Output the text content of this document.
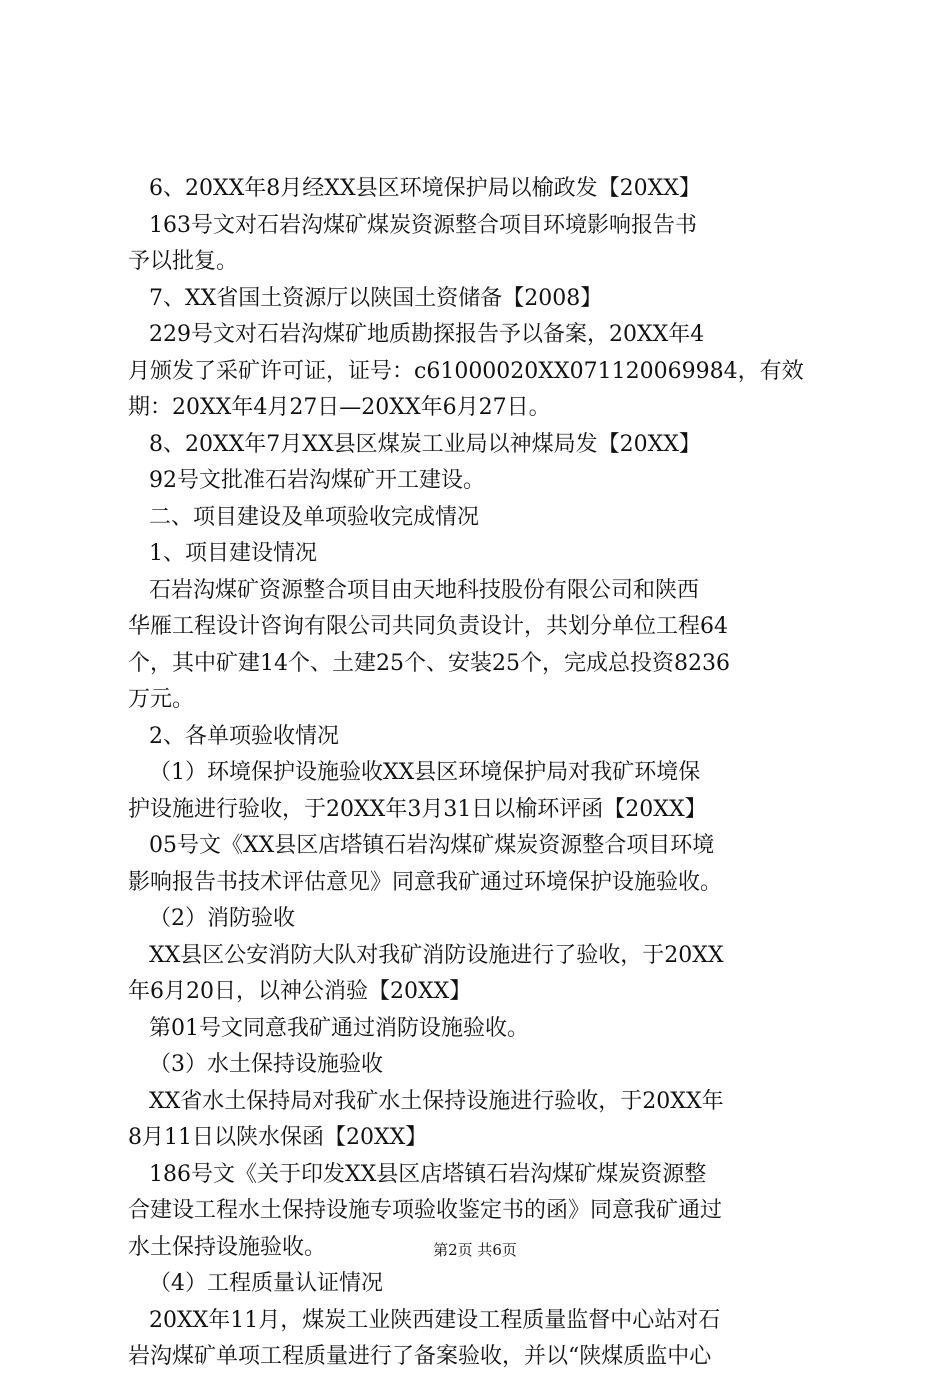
6、20XX年8月经XX县区环境保护局以榆政发【20XX】
163号文对石岩沟煤矿煤炭资源整合项目环境影响报告书
予以批复。
7、XX省国土资源厅以陕国土资储备【2008】
229号文对石岩沟煤矿地质勘探报告予以备案，20XX年4
月颁发了采矿许可证，证号：c61000020XX071120069984，有效
期：20XX年4月27日—20XX年6月27日。
8、20XX年7月XX县区煤炭工业局以神煤局发【20XX】
92号文批准石岩沟煤矿开工建设。
二、项目建设及单项验收完成情况
1、项目建设情况
石岩沟煤矿资源整合项目由天地科技股份有限公司和陕西
华雁工程设计咨询有限公司共同负责设计，共划分单位工程64
个，其中矿建14个、土建25个、安装25个，完成总投资8236
万元。
2、各单项验收情况
（1）环境保护设施验收XX县区环境保护局对我矿环境保
护设施进行验收，于20XX年3月31日以榆环评函【20XX】
05号文《XX县区店塔镇石岩沟煤矿煤炭资源整合项目环境
影响报告书技术评估意见》同意我矿通过环境保护设施验收。
（2）消防验收
XX县区公安消防大队对我矿消防设施进行了验收，于20XX
年6月20日，以神公消验【20XX】
第01号文同意我矿通过消防设施验收。
（3）水土保持设施验收
XX省水土保持局对我矿水土保持设施进行验收，于20XX年
8月11日以陕水保函【20XX】
186号文《关于印发XX县区店塔镇石岩沟煤矿煤炭资源整
合建设工程水土保持设施专项验收鉴定书的函》同意我矿通过
水土保持设施验收。
（4）工程质量认证情况
20XX年11月，煤炭工业陕西建设工程质量监督中心站对石
岩沟煤矿单项工程质量进行了备案验收，并以“陕煤质监中心
第2页 共6页
